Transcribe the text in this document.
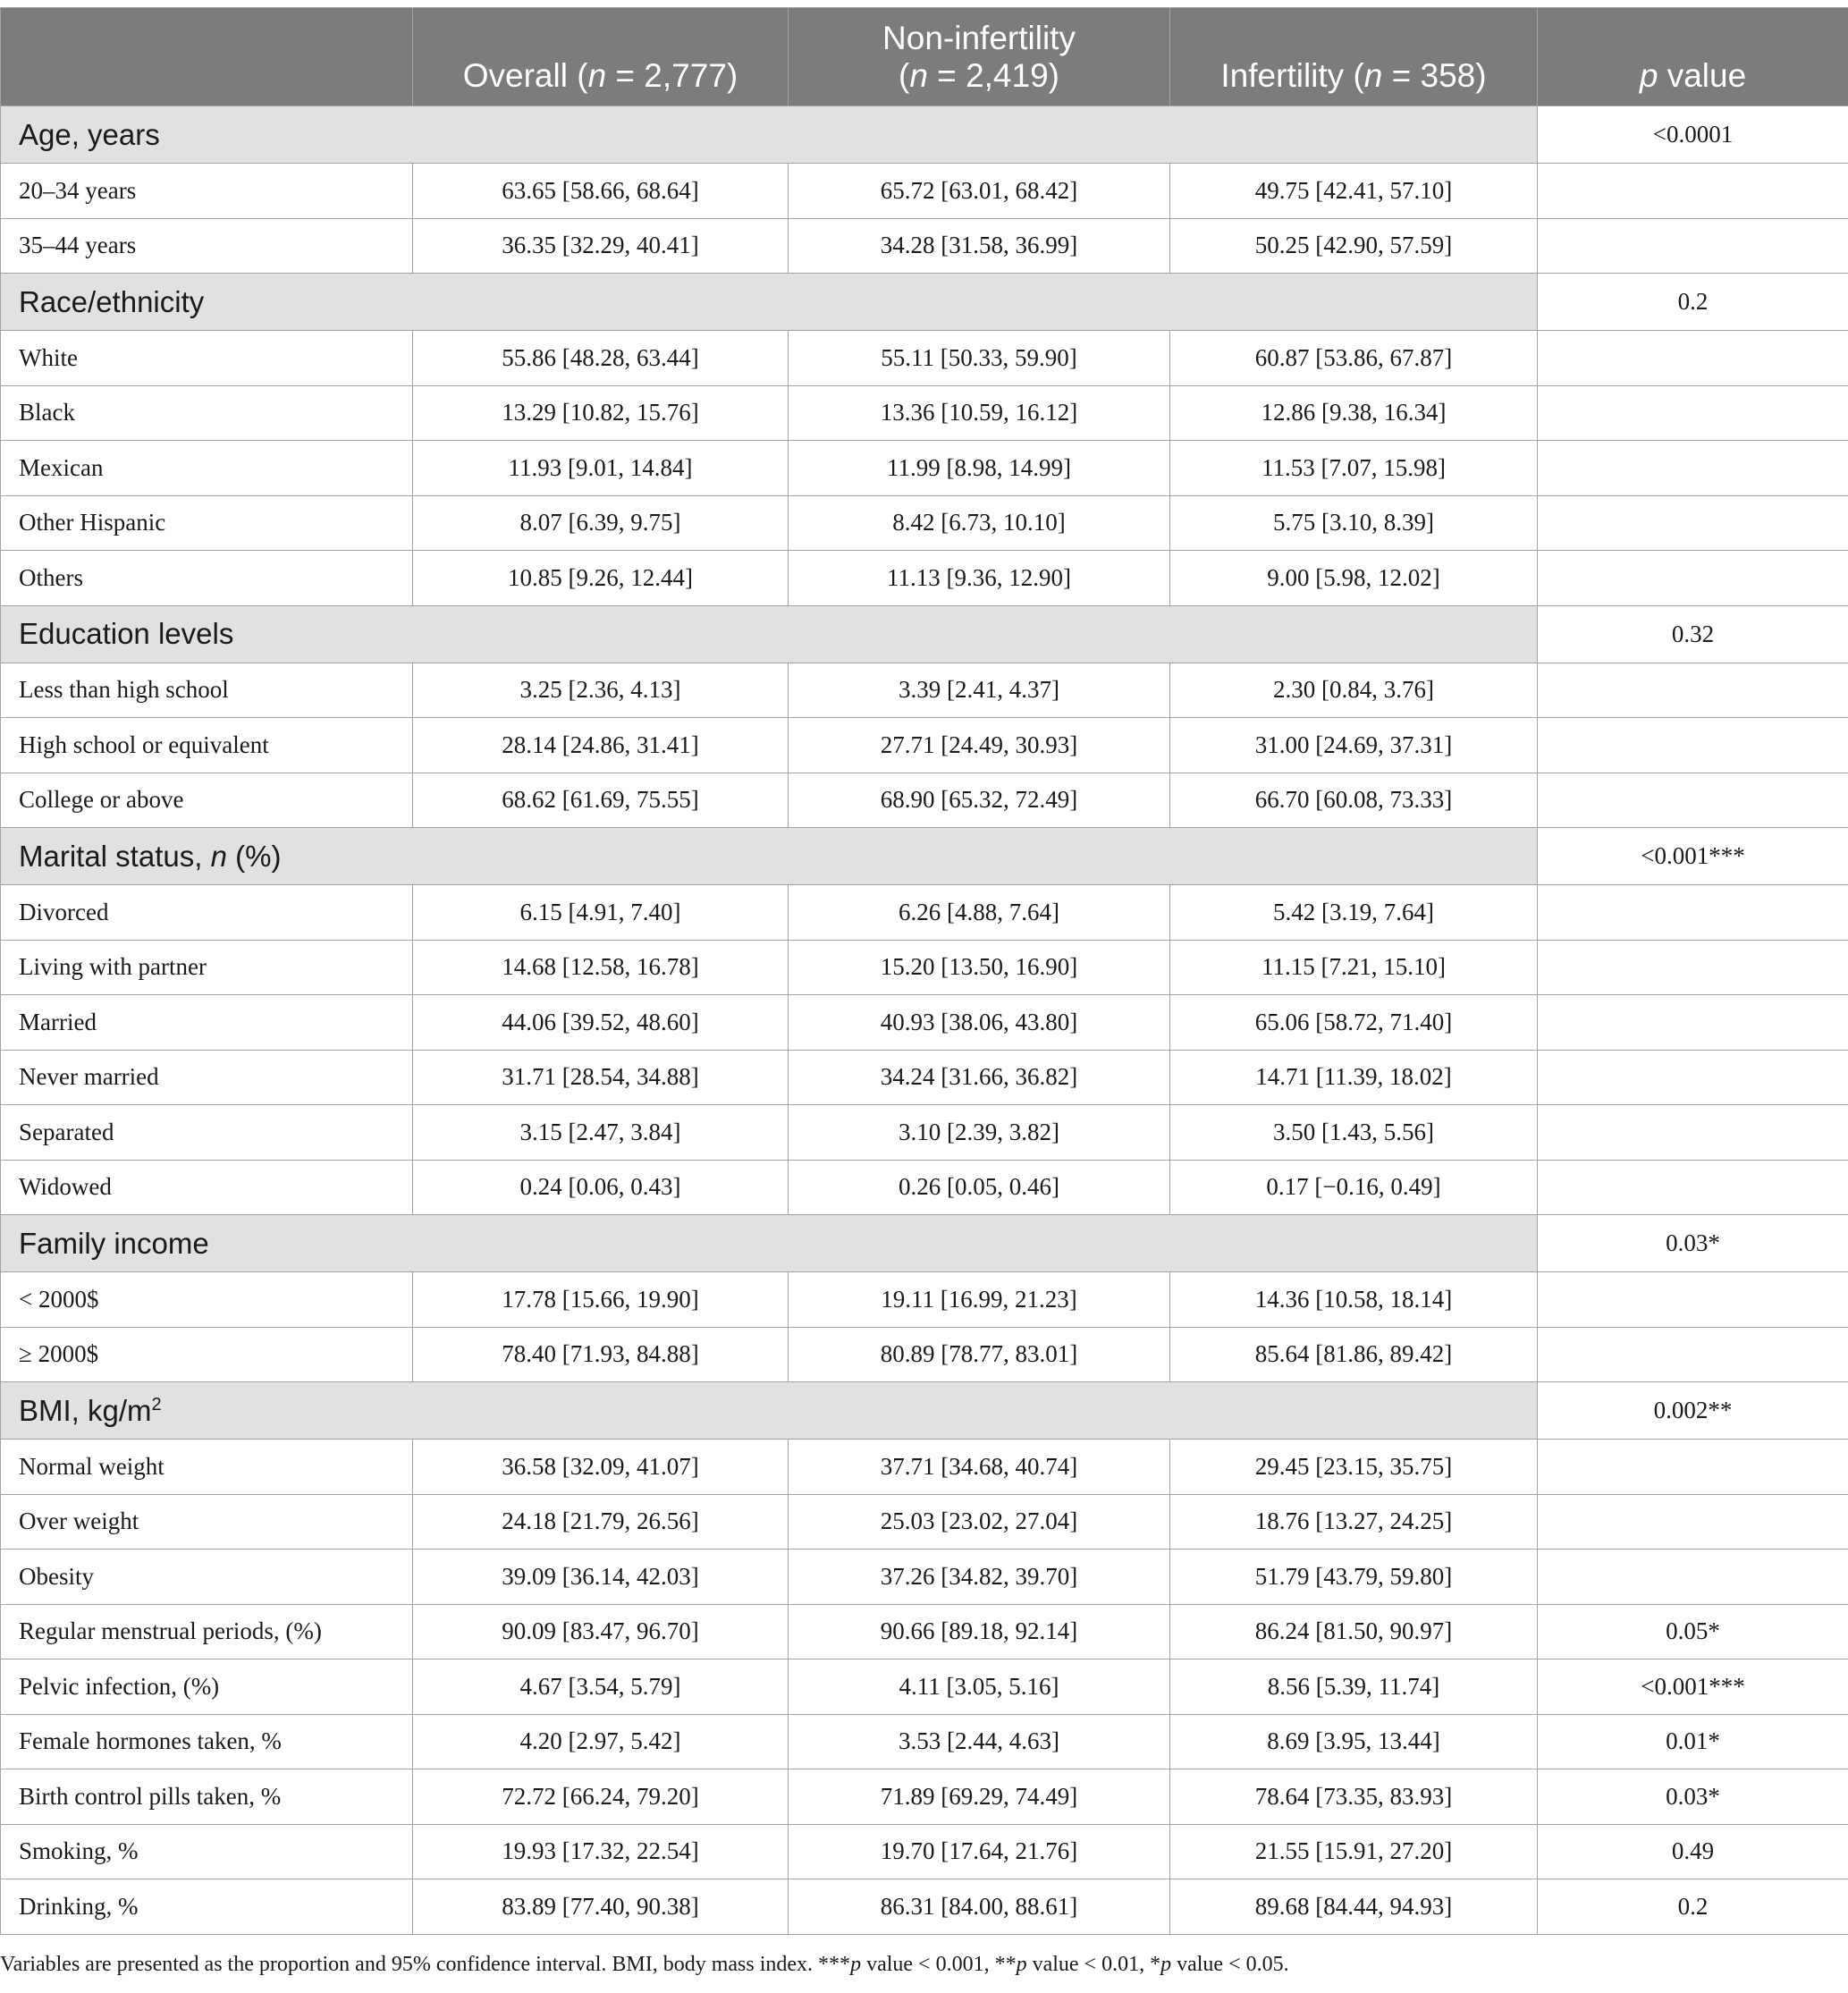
	Overall (n = 2,777)	Non-infertility
(n = 2,419)	Infertility (n = 358)	p value
Age, years				<0.0001
20–34 years	63.65 [58.66, 68.64]	65.72 [63.01, 68.42]	49.75 [42.41, 57.10]	
35–44 years	36.35 [32.29, 40.41]	34.28 [31.58, 36.99]	50.25 [42.90, 57.59]	
Race/ethnicity				0.2
White	55.86 [48.28, 63.44]	55.11 [50.33, 59.90]	60.87 [53.86, 67.87]	
Black	13.29 [10.82, 15.76]	13.36 [10.59, 16.12]	12.86 [9.38, 16.34]	
Mexican	11.93 [9.01, 14.84]	11.99 [8.98, 14.99]	11.53 [7.07, 15.98]	
Other Hispanic	8.07 [6.39, 9.75]	8.42 [6.73, 10.10]	5.75 [3.10, 8.39]	
Others	10.85 [9.26, 12.44]	11.13 [9.36, 12.90]	9.00 [5.98, 12.02]	
Education levels				0.32
Less than high school	3.25 [2.36, 4.13]	3.39 [2.41, 4.37]	2.30 [0.84, 3.76]	
High school or equivalent	28.14 [24.86, 31.41]	27.71 [24.49, 30.93]	31.00 [24.69, 37.31]	
College or above	68.62 [61.69, 75.55]	68.90 [65.32, 72.49]	66.70 [60.08, 73.33]	
Marital status, n (%)				<0.001***
Divorced	6.15 [4.91, 7.40]	6.26 [4.88, 7.64]	5.42 [3.19, 7.64]	
Living with partner	14.68 [12.58, 16.78]	15.20 [13.50, 16.90]	11.15 [7.21, 15.10]	
Married	44.06 [39.52, 48.60]	40.93 [38.06, 43.80]	65.06 [58.72, 71.40]	
Never married	31.71 [28.54, 34.88]	34.24 [31.66, 36.82]	14.71 [11.39, 18.02]	
Separated	3.15 [2.47, 3.84]	3.10 [2.39, 3.82]	3.50 [1.43, 5.56]	
Widowed	0.24 [0.06, 0.43]	0.26 [0.05, 0.46]	0.17 [−0.16, 0.49]	
Family income				0.03*
< 2000$	17.78 [15.66, 19.90]	19.11 [16.99, 21.23]	14.36 [10.58, 18.14]	
≥ 2000$	78.40 [71.93, 84.88]	80.89 [78.77, 83.01]	85.64 [81.86, 89.42]	
BMI, $kg/m^2$				0.002**
Normal weight	36.58 [32.09, 41.07]	37.71 [34.68, 40.74]	29.45 [23.15, 35.75]	
Over weight	24.18 [21.79, 26.56]	25.03 [23.02, 27.04]	18.76 [13.27, 24.25]	
Obesity	39.09 [36.14, 42.03]	37.26 [34.82, 39.70]	51.79 [43.79, 59.80]	
Regular menstrual periods, (%)	90.09 [83.47, 96.70]	90.66 [89.18, 92.14]	86.24 [81.50, 90.97]	0.05*
Pelvic infection, (%)	4.67 [3.54, 5.79]	4.11 [3.05, 5.16]	8.56 [5.39, 11.74]	<0.001***
Female hormones taken, %	4.20 [2.97, 5.42]	3.53 [2.44, 4.63]	8.69 [3.95, 13.44]	0.01*
Birth control pills taken, %	72.72 [66.24, 79.20]	71.89 [69.29, 74.49]	78.64 [73.35, 83.93]	0.03*
Smoking, %	19.93 [17.32, 22.54]	19.70 [17.64, 21.76]	21.55 [15.91, 27.20]	0.49
Drinking, %	83.89 [77.40, 90.38]	86.31 [84.00, 88.61]	89.68 [84.44, 94.93]	0.2
Variables are presented as the proportion and 95% confidence interval. BMI, body mass index. ***p value < 0.001, **p value < 0.01, *p value < 0.05.
